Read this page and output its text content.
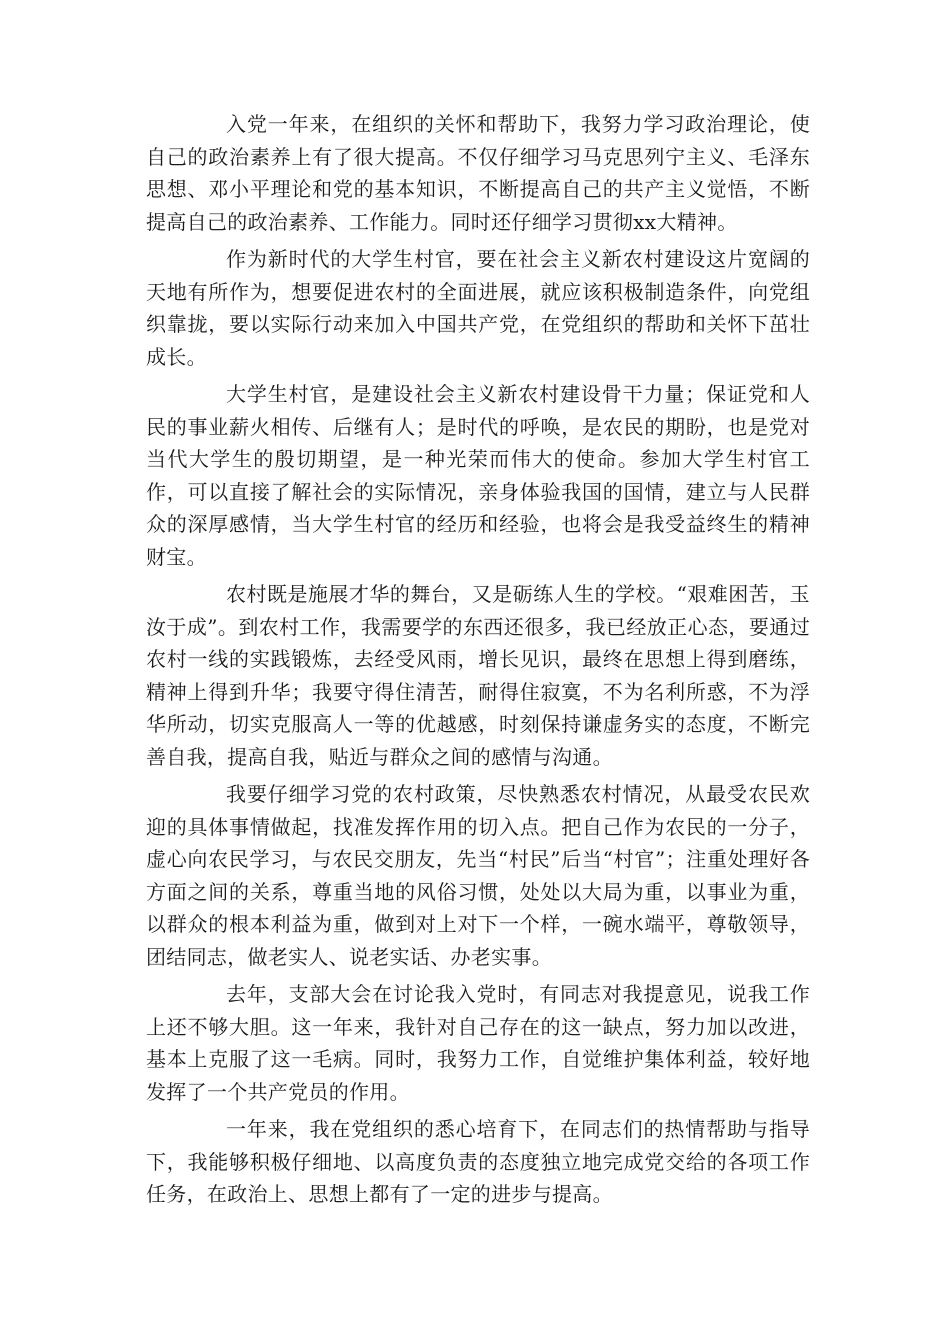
入党一年来，在组织的关怀和帮助下，我努力学习政治理论，使自己的政治素养上有了很大提高。不仅仔细学习马克思列宁主义、毛泽东思想、邓小平理论和党的基本知识，不断提高自己的共产主义觉悟，不断提高自己的政治素养、工作能力。同时还仔细学习贯彻xx大精神。

作为新时代的大学生村官，要在社会主义新农村建设这片宽阔的天地有所作为，想要促进农村的全面进展，就应该积极制造条件，向党组织靠拢，要以实际行动来加入中国共产党，在党组织的帮助和关怀下茁壮成长。

大学生村官，是建设社会主义新农村建设骨干力量；保证党和人民的事业薪火相传、后继有人；是时代的呼唤，是农民的期盼，也是党对当代大学生的殷切期望，是一种光荣而伟大的使命。参加大学生村官工作，可以直接了解社会的实际情况，亲身体验我国的国情，建立与人民群众的深厚感情，当大学生村官的经历和经验，也将会是我受益终生的精神财宝。

农村既是施展才华的舞台，又是砺练人生的学校。“艰难困苦，玉汝于成”。到农村工作，我需要学的东西还很多，我已经放正心态，要通过农村一线的实践锻炼，去经受风雨，增长见识，最终在思想上得到磨练，精神上得到升华；我要守得住清苦，耐得住寂寞，不为名利所惑，不为浮华所动，切实克服高人一等的优越感，时刻保持谦虚务实的态度，不断完善自我，提高自我，贴近与群众之间的感情与沟通。

我要仔细学习党的农村政策，尽快熟悉农村情况，从最受农民欢迎的具体事情做起，找准发挥作用的切入点。把自己作为农民的一分子，虚心向农民学习，与农民交朋友，先当“村民”后当“村官”；注重处理好各方面之间的关系，尊重当地的风俗习惯，处处以大局为重，以事业为重，以群众的根本利益为重，做到对上对下一个样，一碗水端平，尊敬领导，团结同志，做老实人、说老实话、办老实事。

去年，支部大会在讨论我入党时，有同志对我提意见，说我工作上还不够大胆。这一年来，我针对自己存在的这一缺点，努力加以改进，基本上克服了这一毛病。同时，我努力工作，自觉维护集体利益，较好地发挥了一个共产党员的作用。

一年来，我在党组织的悉心培育下，在同志们的热情帮助与指导下，我能够积极仔细地、以高度负责的态度独立地完成党交给的各项工作任务，在政治上、思想上都有了一定的进步与提高。
